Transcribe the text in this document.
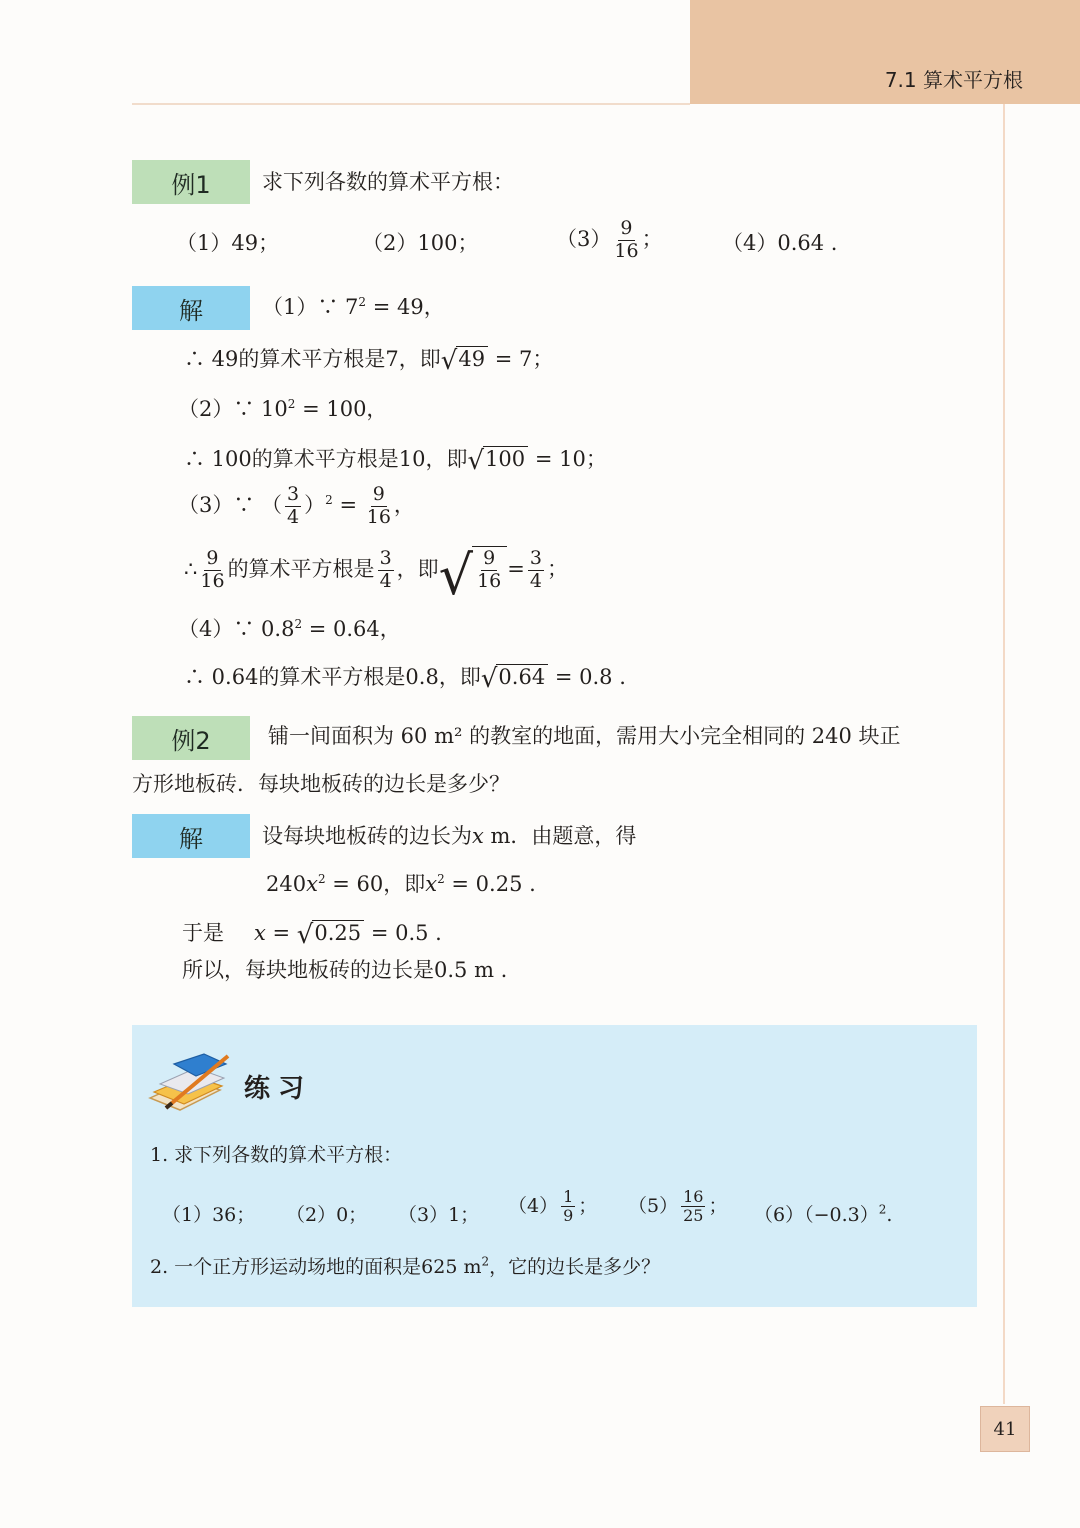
7.1 算术平方根
例1	求下列各数的算术平方根：
（1）49；	（2）100；	$(3) \frac{9}{16}$ ；	（4）0.64 .
解	（1）∵ $7^2 = 49$，
∴ 49的算术平方根是7，即√49 = 7；
（2）∵ $10^2 = 100$，
∴ 100的算术平方根是10，即√100 = 10；
（3）∵ （ $\frac{3}{4} )^2 = \frac{9}{16}$ ，
∴ $\frac{9}{16}$ 的算术平方根是 $\frac{3}{4}$ ，即√ $\frac{9}{16} = \frac{3}{4}$ ；
（4）∵ $0.8^2 = 0.64$，
∴ 0.64的算术平方根是0.8，即√0.64 = 0.8 .
例2	铺一间面积为 60 m² 的教室的地面，需用大小完全相同的 240 块正
方形地板砖．每块地板砖的边长是多少？
解	设每块地板砖的边长为x m．由题意，得
$240x^2 = 60$，即$x^2 = 0.25$ .
于是 x = √0.25 = 0.5 .
所以，每块地板砖的边长是0.5 m .
练习
1. 求下列各数的算术平方根：
（1）36； （2）0； （3）1； $(4) \frac{1}{9}$ ； $(5) \frac{16}{25}$ ； $(6)(-0.3)^2$.
2. 一个正方形运动场地的面积是625 $m^2$，它的边长是多少？
41
